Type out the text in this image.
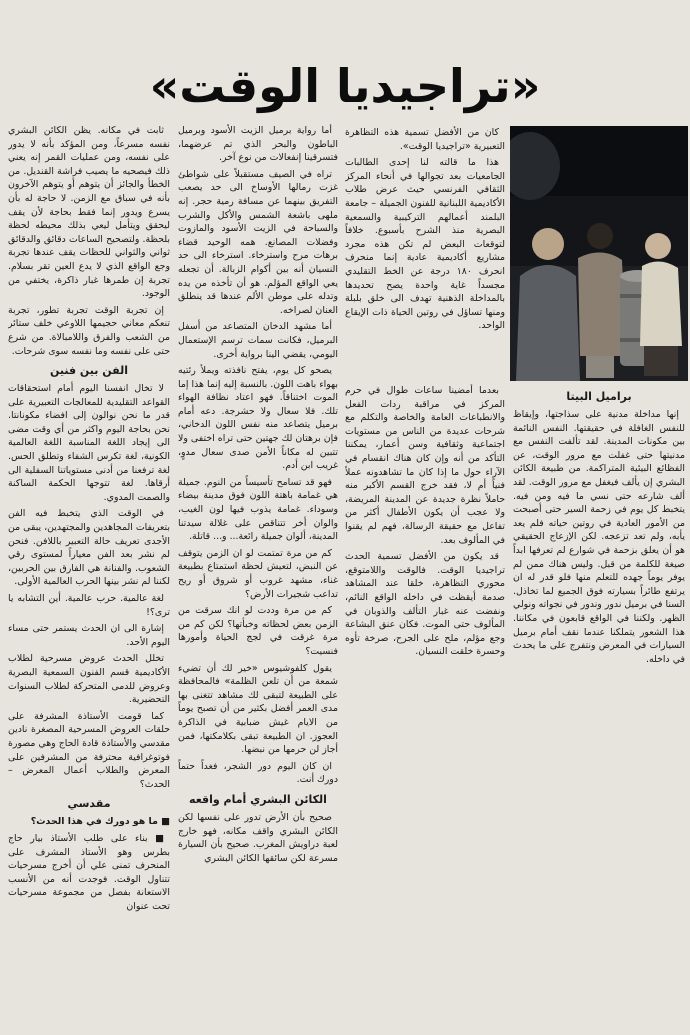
«تراجيديا الوقت»

كان من الأفضل تسمية هذه التظاهرة التعبيرية «تراجيديا الوقت».

هذا ما قالته لنا إحدى الطالبات الجامعيات بعد تجوالها في أنحاء المركز الثقافي الفرنسي حيث عرض طلاب الأكاديمية اللبنانية للفنون الجميلة – جامعة البلمند أعمالهم التركيبية والسمعية البصرية منذ الشرح بأسبوع. خلافاً لتوقعات البعض لم تكن هذه مجرد مشاريع أكاديمية عادية إنما منحرف انحرف ١٨٠ درجة عن الخط التقليدي مجسداً غاية واحدة يصح تحديدها بالمداخلة الذهنية تهدف الى خلق بلبلة ومنها تساؤل في روتين الحياة ذات الإيقاع الواحد.

بعدما أمضينا ساعات طوال في حرم المركز في مراقبة ردات الفعل والانطباعات العامة والخاصة والتكلم مع شرحات عديدة من الناس من مستويات اجتماعية وثقافية وسن أعمار، يمكننا التأكد من أنه وإن كان هناك انقسام في الآراء حول ما إذا كان ما تشاهدونه عملاً فنياً أم لا، فقد خرج القسم الأكبر منه حاملاً نظرة جديدة عن المدينة المريضة، ولا عجب أن يكون الأطفال أكثر من تفاعل مع حقيقة الرسالة، فهم لم يقنوا في المألوف بعد.

قد يكون من الأفضل تسمية الحدث تراجيديا الوقت. فالوقت واللامتوقع، محوري التظاهرة، خلقا عند المشاهد صدمة أيقظت في داخله الواقع النائم، ونفضت عنه غبار التألف والذوبان في المألوف حتى الموت. فكان عنق البشاعة وجع مؤلم، ملح على الجرح، صرخة تأوه وحسرة خلقت النسيان.

براميل البيتا

إنها مداخلة مدنية على سذاجتها، وإيقاظ للنفس الغافلة في حقيقتها. النفس النائمة بين مكونات المدينة. لقد تألفت النفس مع مدنيتها حتى غفلت مع مرور الوقت، عن الفظائع البيئية المتراكمة. من طبيعة الكائن البشري إن يألف فيغفل مع مرور الوقت. لقد ألف شارعه حتى نسي ما فيه ومن فيه. يتخبط كل يوم في زحمة السير حتى أصبحت من الأمور العادية في روتين حياته فلم يعد يأبه، ولم تعد تزعجه. لكن الإزعاج الحقيقي هو أن يعلق بزحمة في شوارع لم تعرفها ابداً صيغة للكلمة من قبل. وليس هناك ممن لم يوفر يوماً جهده للتعلم منها فلو قدر له ان يرتفع طائراً بسيارته فوق الجميع لما تخاذل. السنا في برميل ندور وندور في نجواته ونولي الظهر. ولكننا في الواقع قابعون في مكاننا. هذا الشعور يتملكنا عندما نقف أمام برميل السيارات في المعرض ونتفرج على ما يحدث في داخله.

أما رواية برميل الزيت الأسود وبرميل الباطون والبحر الذي تم عرضهما، فتسرقينا إنفعالات من نوع آخر.

تراه في الصيف مستقبلاً على شواطئ غزت رمالها الأوساخ الى حد يصعب التفريق بينهما عن مسافة رمية حجر. إنه ملهى باشعة الشمس والأكل والشرب والسباحة في الزيت الأسود والمازوت وفضلات المصانع. همه الوحيد قضاء برهات مرح واسترخاء. استرخاء الى حد النسيان أنه بين أكوام الزبالة. أن تجعله يعي الواقع المؤلم. هو أن تأخذه من يده وتدله على موطن الألم عندها قد ينطلق العنان لصراخه.

أما مشهد الدخان المتصاعد من أسفل البرميل، فكانت سمات ترسم الإستعمال اليومي، يقضي الينا برواية أخرى.

يصحو كل يوم، يفتح نافذته ويملأ رئتيه بهواء باهت اللون. بالنسبة إليه إنما هذا إما الموت اختناقاً. فهو اعتاد نظافة الهواء تلك. فلا سعال ولا حشرجة. دعه أمام برميل يتصاعد منه نفس اللون الدخاني، فإن برهتان لك جهتين حتى تراه اختفى ولا تتبين له مكاناً الأمن صدى سعال مدوٍ، غريب ابن أدم.

فهو قد تسامح تأسيساً من النوم. جميلة هي غمامة باهتة اللون فوق مدينة بيضاء وسوداء. غمامة يذوب فيها لون الغيب، والوان أخر تتناقص على غلالة سيدتنا المدينة، ألوان جميلة رائعة... و... قاتلة.

كم من مرة تمتمت لو ان الزمن يتوقف عن النبض، لتعيش لحظة استمتاع بطبيعة غناء، مشهد غروب أو شروق أو ريح تداعب شجيرات الأرض؟

كم من مرة وددت لو انك سرقت من الزمن بعض لحظاته وخبأتها؟ لكن كم من مرة غرقت في لجج الحياة وأمورها فنسيت؟

يقول كلفوشيوس «خير لك أن تضيء شمعة من أن تلعن الظلمة» فالمحافظة على الطبيعة لتبقى لك مشاهد تتغنى بها مدى العمر أفضل بكثير من أن تصبح يوماً من الايام غيش ضبابية في الذاكرة العجوز. ان الطبيعة تبقى بكلامكتها، فمن أجاز لن حرمها من نبضها.

ان كان اليوم دور الشجر، فغداً حتماً دورك أنت.

الكائن البشري أمام واقعه

صحيح بأن الأرض تدور على نفسها لكن الكائن البشري واقف مكانه، فهو خارج لعبة دراويش المغرب. صحيح بأن السيارة مسرعة لكن سائقها الكائن البشري

ثابت في مكانه. يظن الكائن البشري نفسه مسرعاً، ومن المؤكد بأنه لا يدور على نفسه، ومن عمليات القمر إنه يعني ذلك فيصحيه ما يصيب فراشة القنديل. من الخطأ والجائز أن يتوهم أو يتوهم الآخرون بأنه في سباق مع الزمن. لا حاجة له بأن يسرع ويدور إنما فقط بحاجة لأن يقف ليحقق ويتأمل ليعي بذلك محيطه لحظة بلحظة. ولتصحيح الساعات دقائق والدقائق ثواني والثواني للحظات يقف عندها تجربة وجع الواقع الذي لا يدع العين تقر بسلام. تجربة إن طمرها غبار ذاكرة، يختفي من الوجود.

إن تجربة الوقت تجربة تطور، تجربة تنعكم معاني حجيمها اللاوعي خلف ستائر من الشعب والفرق واللامبالاة. من شرع حتى على نفسه وما نفسه سوى شرحات.

الفن بين فنين

لا تخال انفسنا اليوم أمام استحقاقات القواعد التقليدية للمعالجات التعبيرية على قدر ما نحن نوالون إلى افضاء مكونانتا. نحن بحاجة اليوم واكثر من أي وقت مضى الى إيجاد اللغة المناسبة اللغة العالمية الكونية، لغة تكرس الشفاء وتطلق الحس. لغة ترفعنا من أدنى مستوياتنا السفلية الى أرقاها. لغة تتوجها الحكمة الساكنة والصمت المدوي.

في الوقت الذي يتخبط فيه الفن بتعريفات المجاهدين والمجتهدين، يبقى من الأجدى تعريف حالة التعبير باللافن. فنحن لم نشر بعد الفن معياراً لمستوى رقي الشعوب. والفنانة هي الفارق بين الحربين، لكننا لم نشر بينها الحرب العالمية الأولى.

لغة عالمية. حرب عالمية. أين التشابه يا ترى؟!

إشارة الى ان الحدث يستمر حتى مساء اليوم الأحد.

تخلل الحدث عروض مسرحية لطلاب الأكاديمية قسم الفنون السمعية البصرية وعروض للدمى المتحركة لطلاب السنوات التحضيرية.

كما قومت الأستاذة المشرفة على حلقات العروض المسرحية المصغرة نادين مقدسي والأستاذة قادة الحاج وهي مصورة فوتوغرافية محترفة من المشرفين على المعرض والطلاب أعمال المعرض – الحدث؟

مقدسي

■ ما هو دورك في هذا الحدث؟

■ بناء على طلب الأستاذ بيار حاج بطرس وهو الأستاذ المشرف على المنحرف تمنى علي أن أخرج مسرحيات تتناول الوقت. فوجدت أنه من الأنسب الاستعانة بفصل من مجموعة مسرحيات تحت عنوان
